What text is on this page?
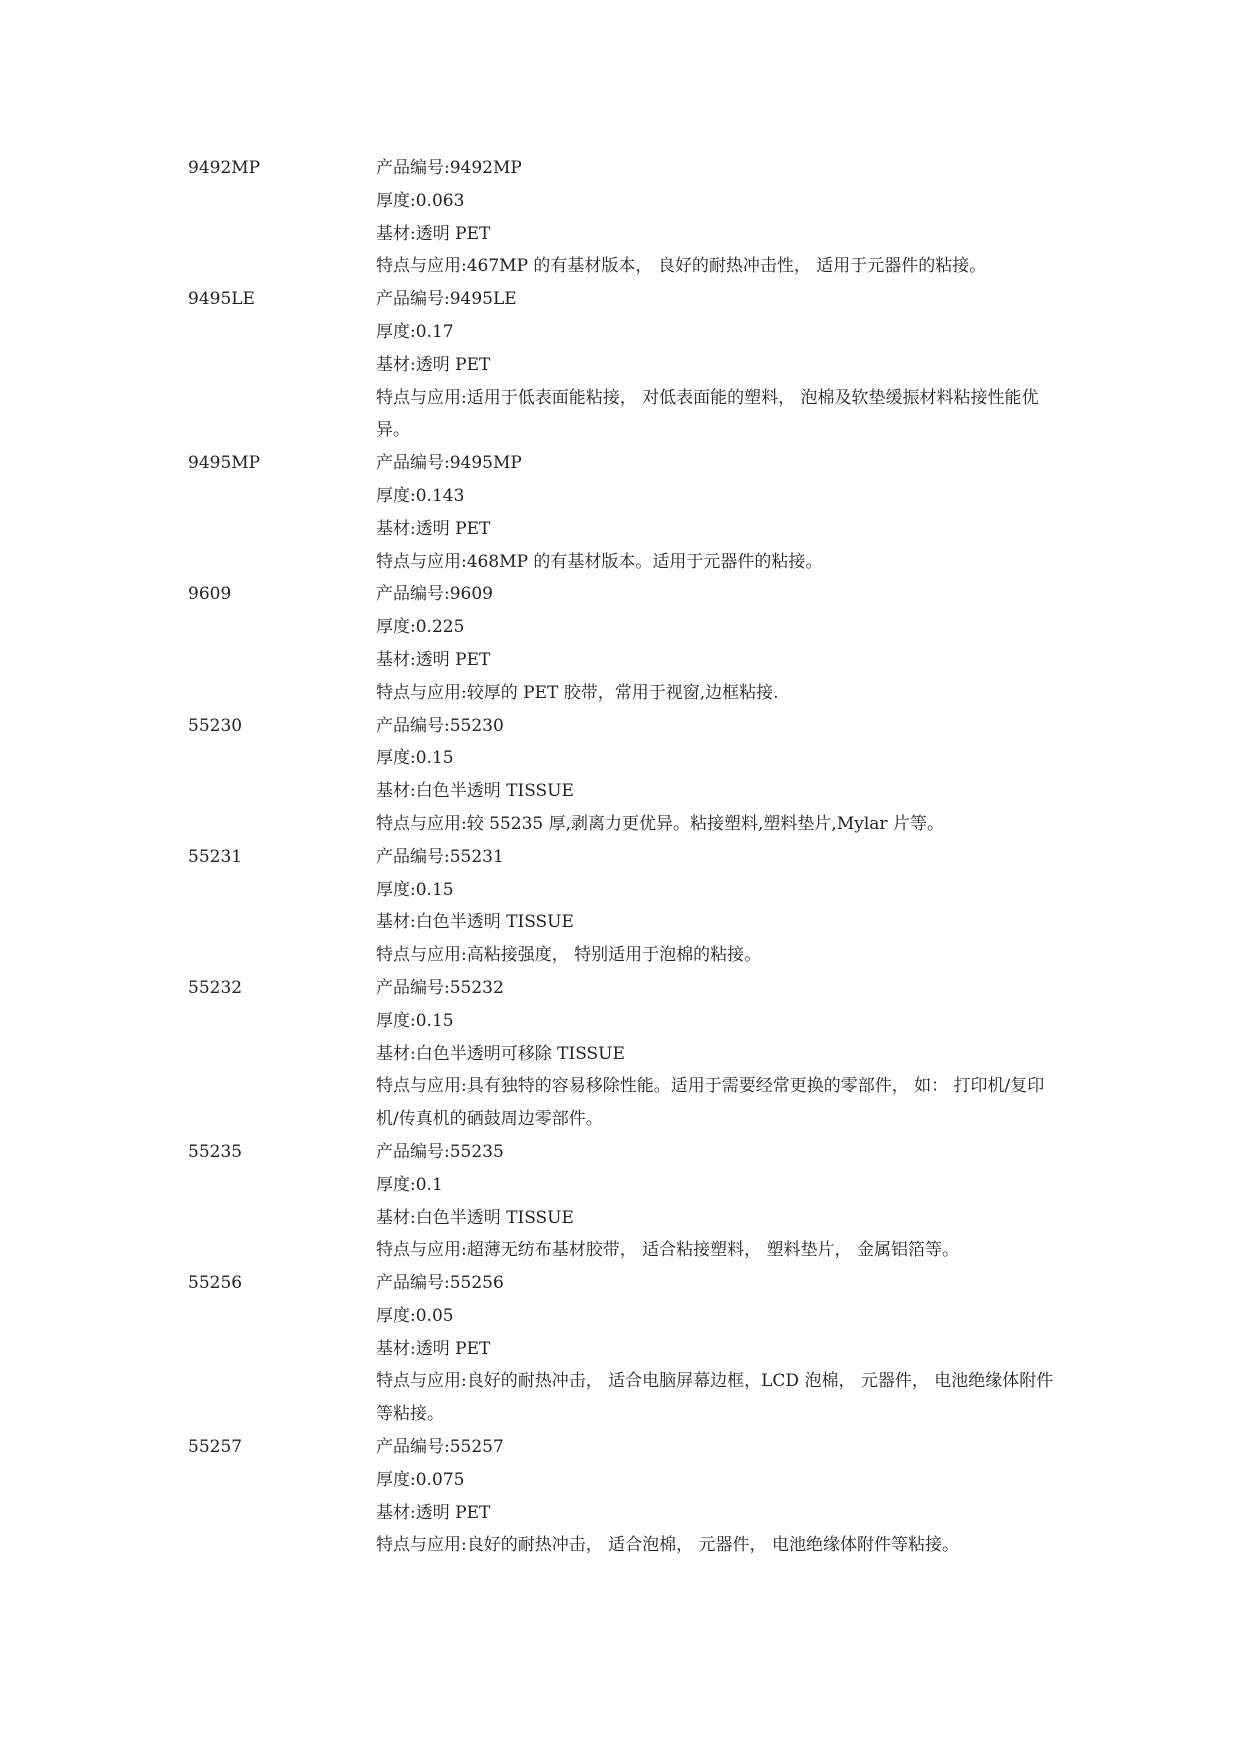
9492MP	产品编号:9492MP
厚度:0.063
基材:透明 PET
特点与应用:467MP 的有基材版本， 良好的耐热冲击性， 适用于元器件的粘接。
9495LE	产品编号:9495LE
厚度:0.17
基材:透明 PET
特点与应用:适用于低表面能粘接， 对低表面能的塑料， 泡棉及软垫缓振材料粘接性能优异。
9495MP	产品编号:9495MP
厚度:0.143
基材:透明 PET
特点与应用:468MP 的有基材版本。适用于元器件的粘接。
9609	产品编号:9609
厚度:0.225
基材:透明 PET
特点与应用:较厚的 PET 胶带，常用于视窗,边框粘接.
55230	产品编号:55230
厚度:0.15
基材:白色半透明 TISSUE
特点与应用:较 55235 厚,剥离力更优异。粘接塑料,塑料垫片,Mylar 片等。
55231	产品编号:55231
厚度:0.15
基材:白色半透明 TISSUE
特点与应用:高粘接强度， 特别适用于泡棉的粘接。
55232	产品编号:55232
厚度:0.15
基材:白色半透明可移除 TISSUE
特点与应用:具有独特的容易移除性能。适用于需要经常更换的零部件， 如： 打印机/复印机/传真机的硒鼓周边零部件。
55235	产品编号:55235
厚度:0.1
基材:白色半透明 TISSUE
特点与应用:超薄无纺布基材胶带， 适合粘接塑料， 塑料垫片， 金属铝箔等。
55256	产品编号:55256
厚度:0.05
基材:透明 PET
特点与应用:良好的耐热冲击， 适合电脑屏幕边框，LCD 泡棉， 元器件， 电池绝缘体附件等粘接。
55257	产品编号:55257
厚度:0.075
基材:透明 PET
特点与应用:良好的耐热冲击， 适合泡棉， 元器件， 电池绝缘体附件等粘接。
